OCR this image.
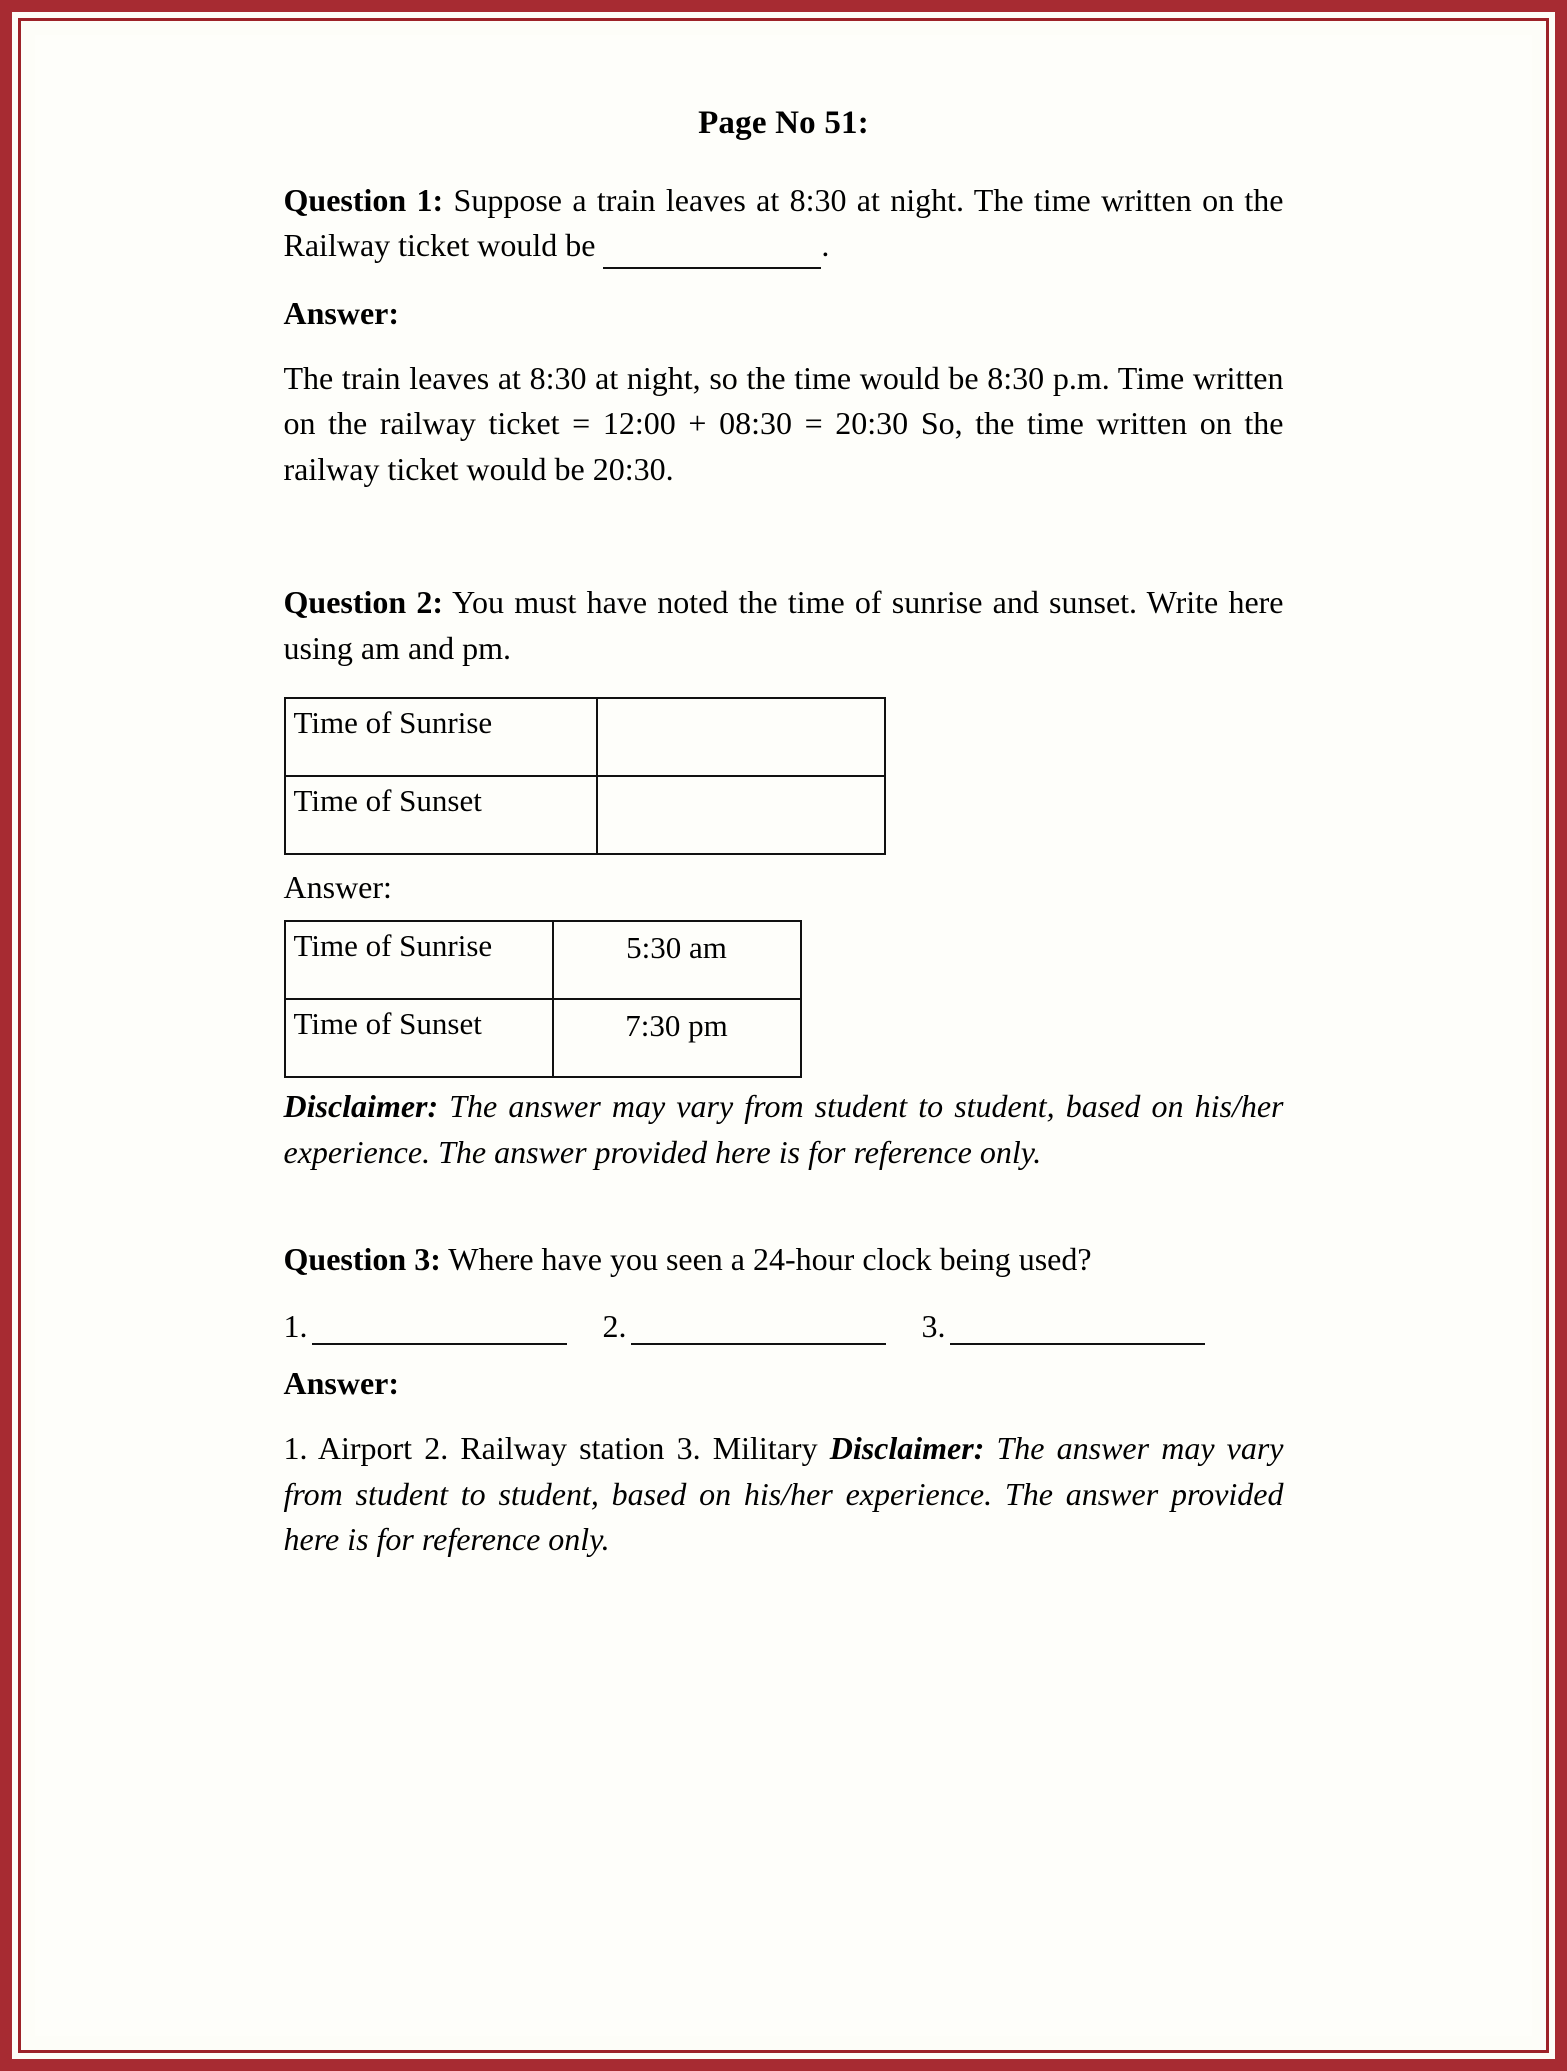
Page No 51:

Question 1: Suppose a train leaves at 8:30 at night. The time written on the Railway ticket would be	.

Answer:

The train leaves at 8:30 at night, so the time would be 8:30 p.m. Time written on the railway ticket = 12:00 + 08:30 = 20:30 So, the time written on the railway ticket would be 20:30.

Question 2: You must have noted the time of sunrise and sunset. Write here using am and pm.

Time of Sunrise	
Time of Sunset	
Answer:
Time of Sunrise	5:30 am
Time of Sunset	7:30 pm

Disclaimer: The answer may vary from student to student, based on his/her experience. The answer provided here is for reference only.

Question 3: Where have you seen a 24-hour clock being used?

1.	2.	3.
Answer:

1. Airport 2. Railway station 3. Military Disclaimer: The answer may vary from student to student, based on his/her experience. The answer provided here is for reference only.
